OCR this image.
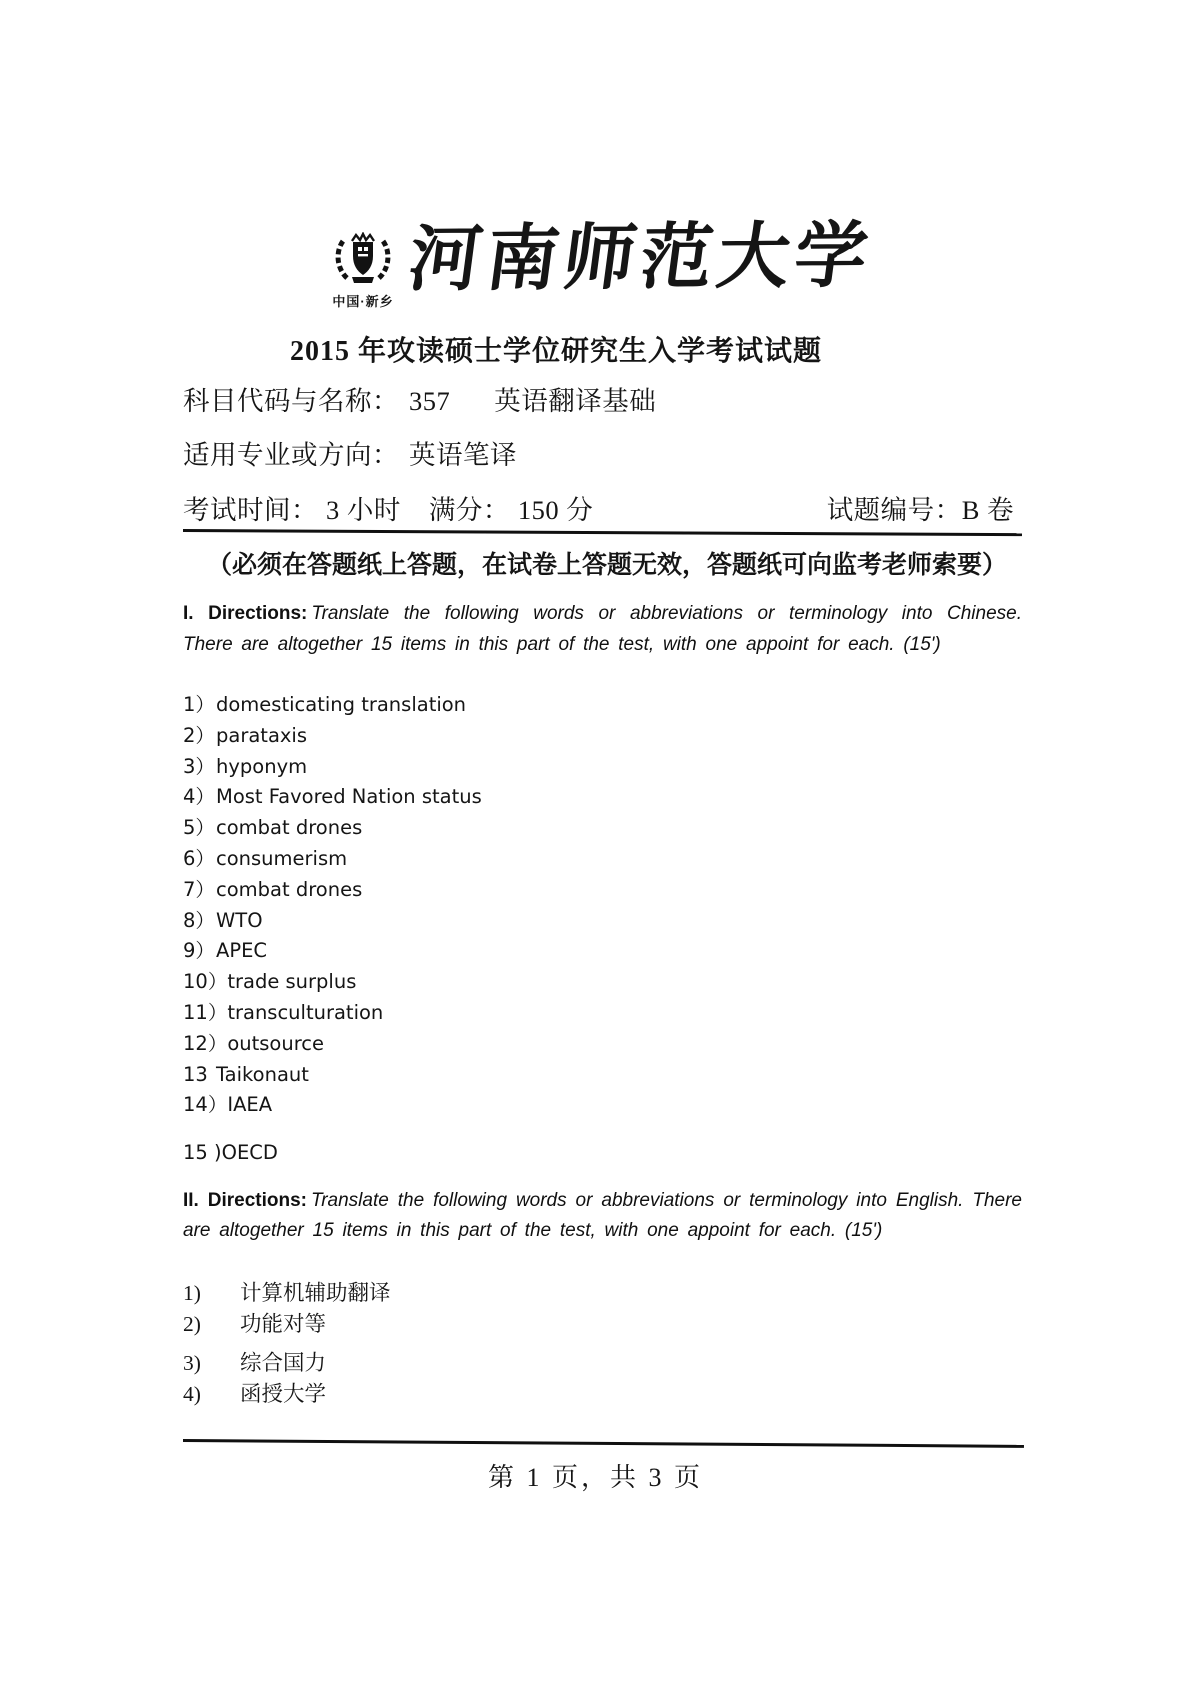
中国·新乡
河南师范大学
2015 年攻读硕士学位研究生入学考试试题
科目代码与名称： 357 英语翻译基础
适用专业或方向： 英语笔译
考试时间： 3 小时 满分： 150 分	试题编号：B 卷
（必须在答题纸上答题，在试卷上答题无效，答题纸可向监考老师索要）

I. Directions: Translate the following words or abbreviations or terminology into Chinese. There are altogether 15 items in this part of the test, with one appoint for each. (15')

1） domesticating translation
2） parataxis
3） hyponym
4） Most Favored Nation status
5） combat drones
6） consumerism
7） combat drones
8） WTO
9） APEC
10） trade surplus
11） transculturation
12） outsource
13 Taikonaut
14） IAEA
15 ) OECD

II. Directions: Translate the following words or abbreviations or terminology into English. There are altogether 15 items in this part of the test, with one appoint for each. (15')

1)	计算机辅助翻译
2)	功能对等
3)	综合国力
4)	函授大学
第 1 页，共 3 页
